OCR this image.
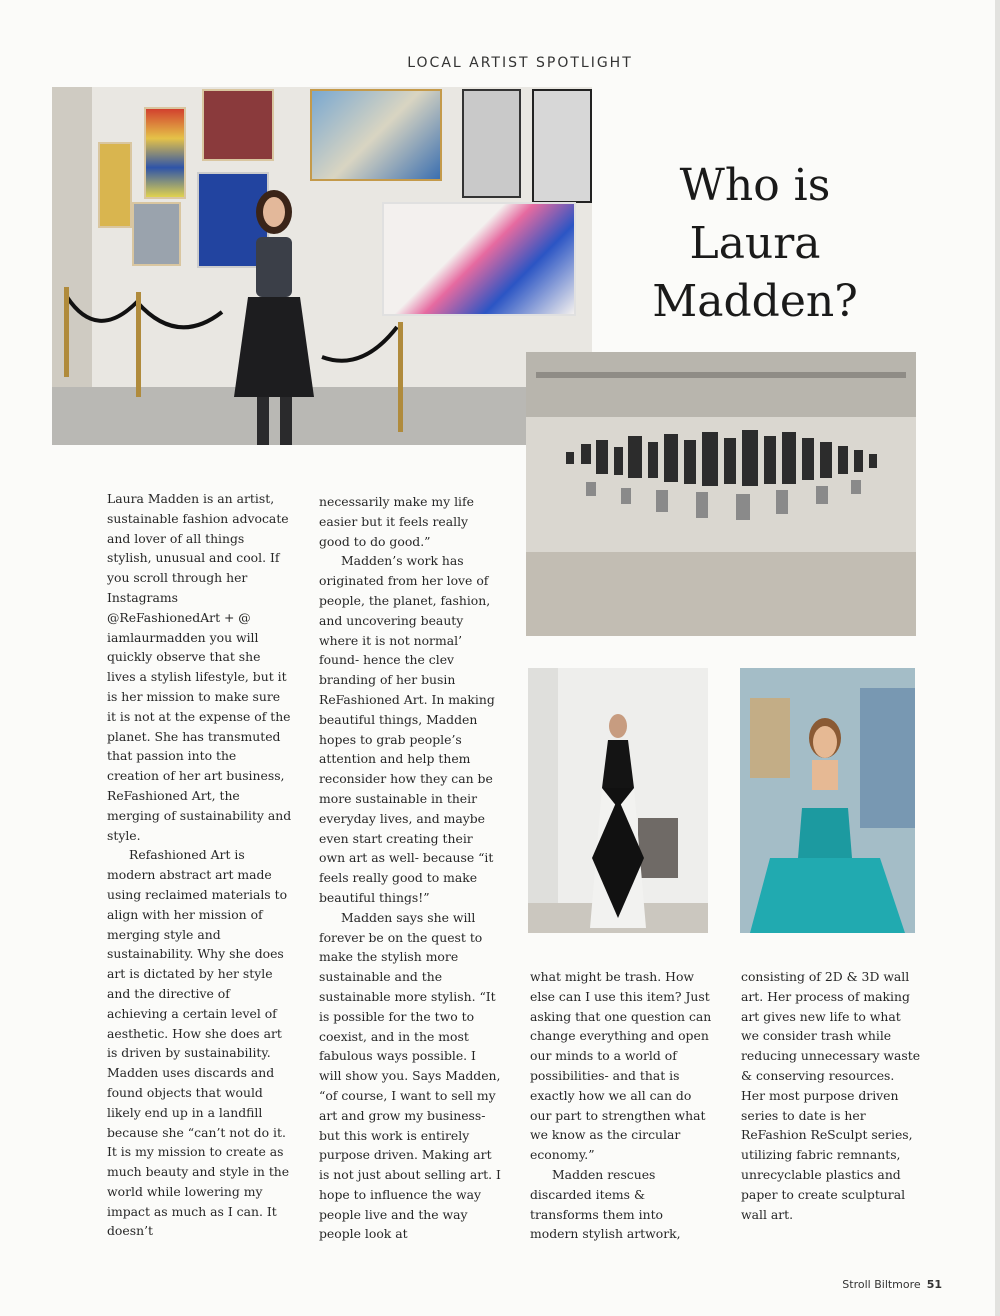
LOCAL ARTIST SPOTLIGHT
Who is
Laura
Madden?

Laura Madden is an artist, sustainable fashion advocate and lover of all things stylish, unusual and cool. If you scroll through her Instagrams @ReFashionedArt + @ iamlaurmadden you will quickly observe that she lives a stylish lifestyle, but it is her mission to make sure it is not at the expense of the planet. She has transmuted that passion into the creation of her art business, ReFashioned Art, the merging of sustainability and style.

Refashioned Art is modern abstract art made using reclaimed materials to align with her mission of merging style and sustainability. Why she does art is dictated by her style and the directive of achieving a certain level of aesthetic. How she does art is driven by sustainability. Madden uses discards and found objects that would likely end up in a landfill because she “can’t not do it. It is my mission to create as much beauty and style in the world while lowering my impact as much as I can. It doesn’t

necessarily make my life easier but it feels really good to do good.”

Madden’s work has originated from her love of people, the planet, fashion, and uncovering beauty where it is not normal’ found- hence the clev branding of her busin ReFashioned Art. In making beautiful things, Madden hopes to grab people’s attention and help them reconsider how they can be more sustainable in their everyday lives, and maybe even start creating their own art as well- because “it feels really good to make beautiful things!”

Madden says she will forever be on the quest to make the stylish more sustainable and the sustainable more stylish. “It is possible for the two to coexist, and in the most fabulous ways possible. I will show you. Says Madden, “of course, I want to sell my art and grow my business- but this work is entirely purpose driven. Making art is not just about selling art. I hope to influence the way people live and the way people look at

what might be trash. How else can I use this item? Just asking that one question can change everything and open our minds to a world of possibilities- and that is exactly how we all can do our part to strengthen what we know as the circular economy.”

Madden rescues discarded items & transforms them into modern stylish artwork,

consisting of 2D & 3D wall art. Her process of making art gives new life to what we consider trash while reducing unnecessary waste & conserving resources. Her most purpose driven series to date is her ReFashion ReSculpt series, utilizing fabric remnants, unrecyclable plastics and paper to create sculptural wall art.

Stroll Biltmore 51
